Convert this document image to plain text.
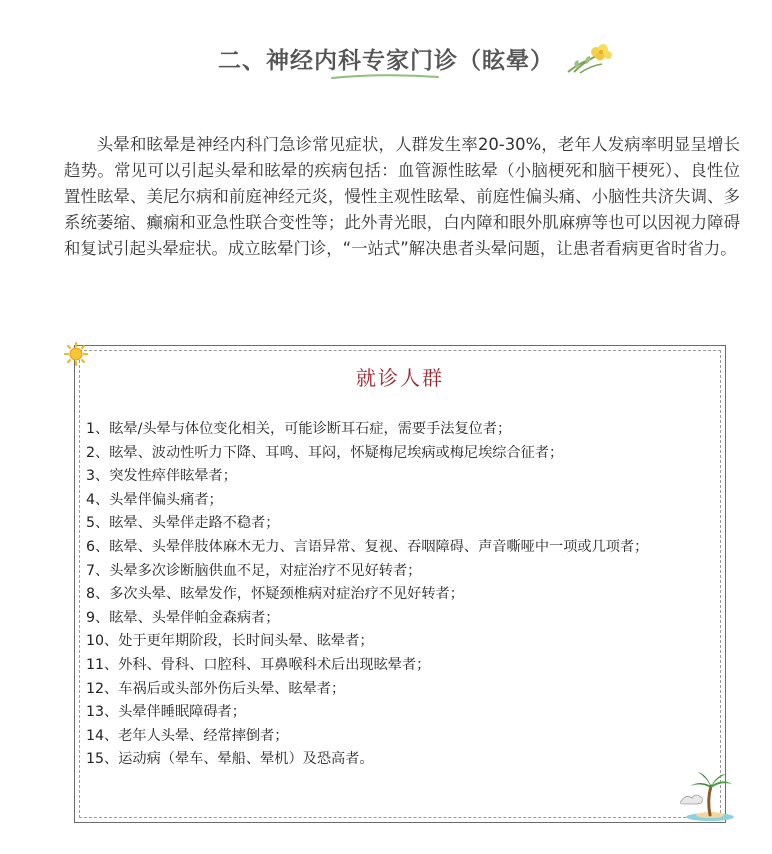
二、神经内科专家门诊（眩晕）

头晕和眩晕是神经内科门急诊常见症状，人群发生率20-30%，老年人发病率明显呈增长趋势。常见可以引起头晕和眩晕的疾病包括：血管源性眩晕（小脑梗死和脑干梗死）、良性位置性眩晕、美尼尔病和前庭神经元炎，慢性主观性眩晕、前庭性偏头痛、小脑性共济失调、多系统萎缩、癫痫和亚急性联合变性等；此外青光眼，白内障和眼外肌麻痹等也可以因视力障碍和复试引起头晕症状。成立眩晕门诊，“一站式”解决患者头晕问题，让患者看病更省时省力。

就诊人群
1、眩晕/头晕与体位变化相关，可能诊断耳石症，需要手法复位者；
2、眩晕、波动性听力下降、耳鸣、耳闷，怀疑梅尼埃病或梅尼埃综合征者；
3、突发性瘁伴眩晕者；
4、头晕伴偏头痛者；
5、眩晕、头晕伴走路不稳者；
6、眩晕、头晕伴肢体麻木无力、言语异常、复视、吞咽障碍、声音嘶哑中一项或几项者；
7、头晕多次诊断脑供血不足，对症治疗不见好转者；
8、多次头晕、眩晕发作，怀疑颈椎病对症治疗不见好转者；
9、眩晕、头晕伴帕金森病者；
10、处于更年期阶段，长时间头晕、眩晕者；
11、外科、骨科、口腔科、耳鼻喉科术后出现眩晕者；
12、车祸后或头部外伤后头晕、眩晕者；
13、头晕伴睡眠障碍者；
14、老年人头晕、经常摔倒者；
15、运动病（晕车、晕船、晕机）及恐高者。
